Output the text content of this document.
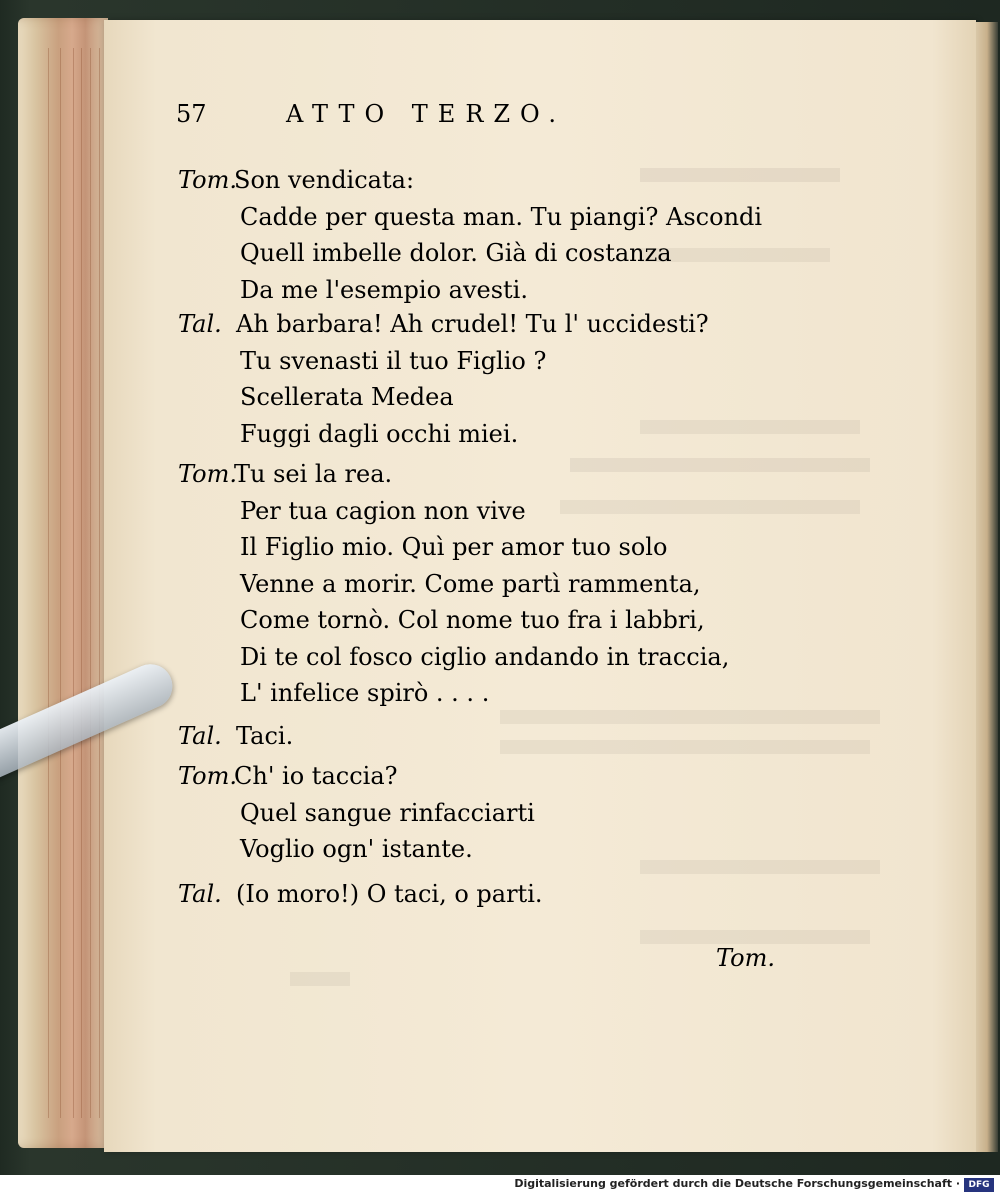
57	ATTO TERZO.
Tom.
Son vendicata:
Cadde per questa man. Tu piangi? Ascondi
Quell imbelle dolor. Già di costanza
Da me l'esempio avesti.
Tal. Ah barbara! Ah crudel! Tu l' uccidesti?
Tu svenasti il tuo Figlio ?
Scellerata Medea
Fuggi dagli occhi miei.
Tom.
Tu sei la rea.
Per tua cagion non vive
Il Figlio mio. Quì per amor tuo solo
Venne a morir. Come partì rammenta,
Come tornò. Col nome tuo fra i labbri,
Di te col fosco ciglio andando in traccia,
L' infelice spirò . . . .
Tal. Taci.
Tom.
Ch' io taccia?
Quel sangue rinfacciarti
Voglio ogn' istante.
Tal. (Io moro!) O taci, o parti.
Tom.
Digitalisierung gefördert durch die Deutsche Forschungsgemeinschaft · DFG
